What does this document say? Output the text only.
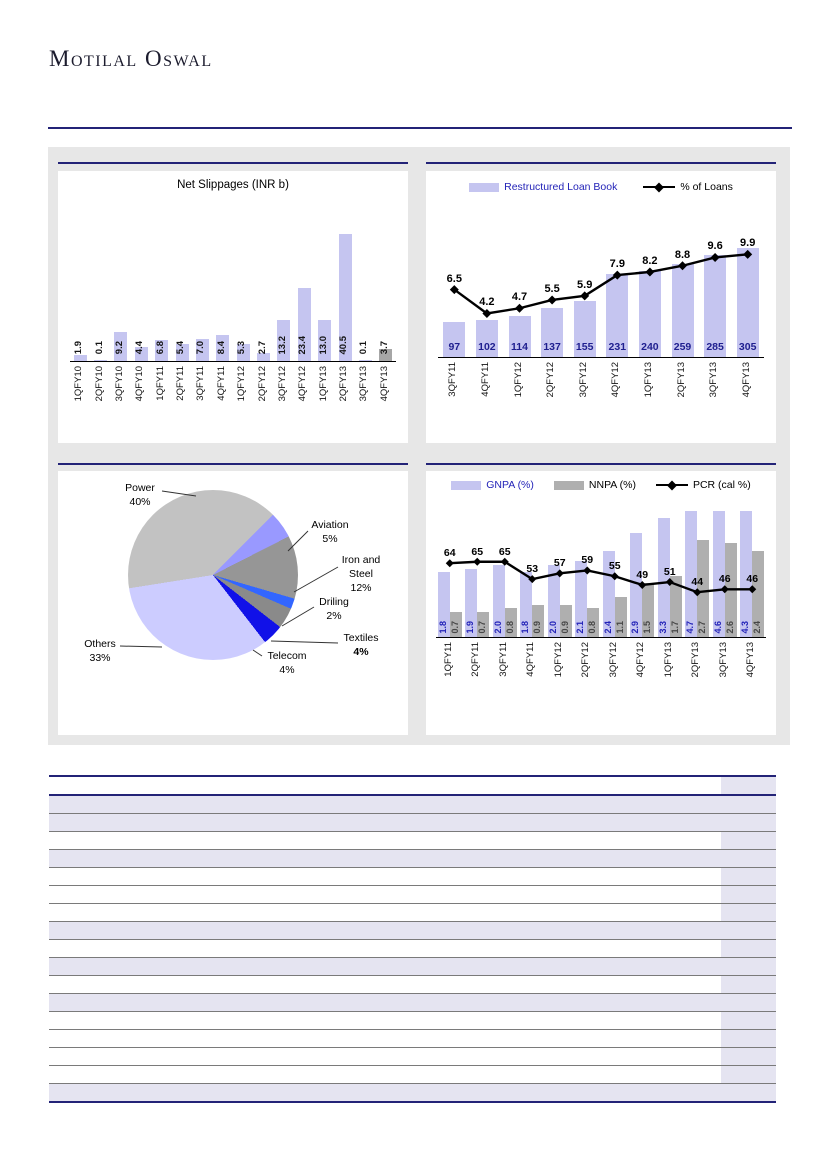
Motilal Oswal
Net Slippages (INR b)
1.9
1QFY10
0.1
2QFY10
9.2
3QFY10
4.4
4QFY10
6.8
1QFY11
5.4
2QFY11
7.0
3QFY11
8.4
4QFY11
5.3
1QFY12
2.7
2QFY12
13.2
3QFY12
23.4
4QFY12
13.0
1QFY13
40.5
2QFY13
0.1
3QFY13
3.7
4QFY13
Restructured Loan Book	% of Loans
97
3QFY11
102
4QFY11
114
1QFY12
137
2QFY12
155
3QFY12
231
4QFY12
240
1QFY13
259
2QFY13
285
3QFY13
305
4QFY13
6.5
4.2	4.7
5.5	5.9
7.9	8.2
8.8
9.6	9.9
Power
40%
Aviation
5%
Iron and
Steel
12%
Driling
2%
Textiles
4%
Telecom
4%
Others
33%
GNPA (%)	NNPA (%)	PCR (cal %)
1.8 0.7
1QFY11
1.9 0.7
2QFY11
2.0 0.8
3QFY11
1.8 0.9
4QFY11
2.0 0.9
1QFY12
2.1 0.8
2QFY12
2.4 1.1
3QFY12
2.9 1.5
4QFY12
3.3 1.7
1QFY13
4.7 2.7
2QFY13
4.6 2.6
3QFY13
4.3 2.4
4QFY13
64	65	65
53	57	59	55
49	51
44	46	46
